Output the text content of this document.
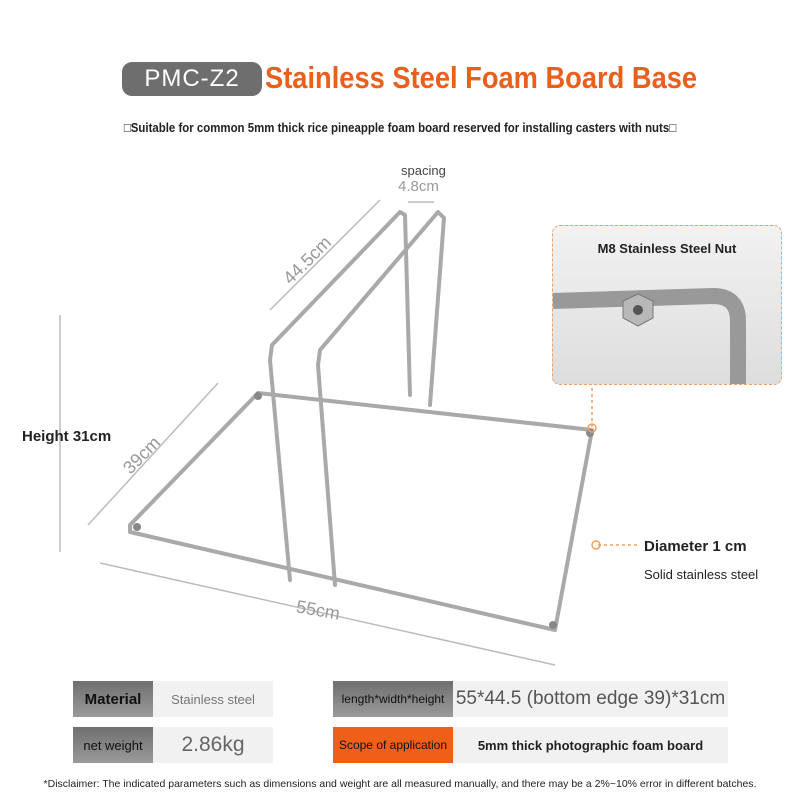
PMC-Z2 Stainless Steel Foam Board Base
□Suitable for common 5mm thick rice pineapple foam board reserved for installing casters with nuts□
spacing
4.8cm
44.5cm
39cm
55cm
Height 31cm
M8 Stainless Steel Nut
Diameter 1 cm
Solid stainless steel
Material	Stainless steel	length*width*height 55*44.5 (bottom edge 39)*31cm
net weight	2.86kg	Scope of application	5mm thick photographic foam board
*Disclaimer: The indicated parameters such as dimensions and weight are all measured manually, and there may be a 2%~10% error in different batches.
